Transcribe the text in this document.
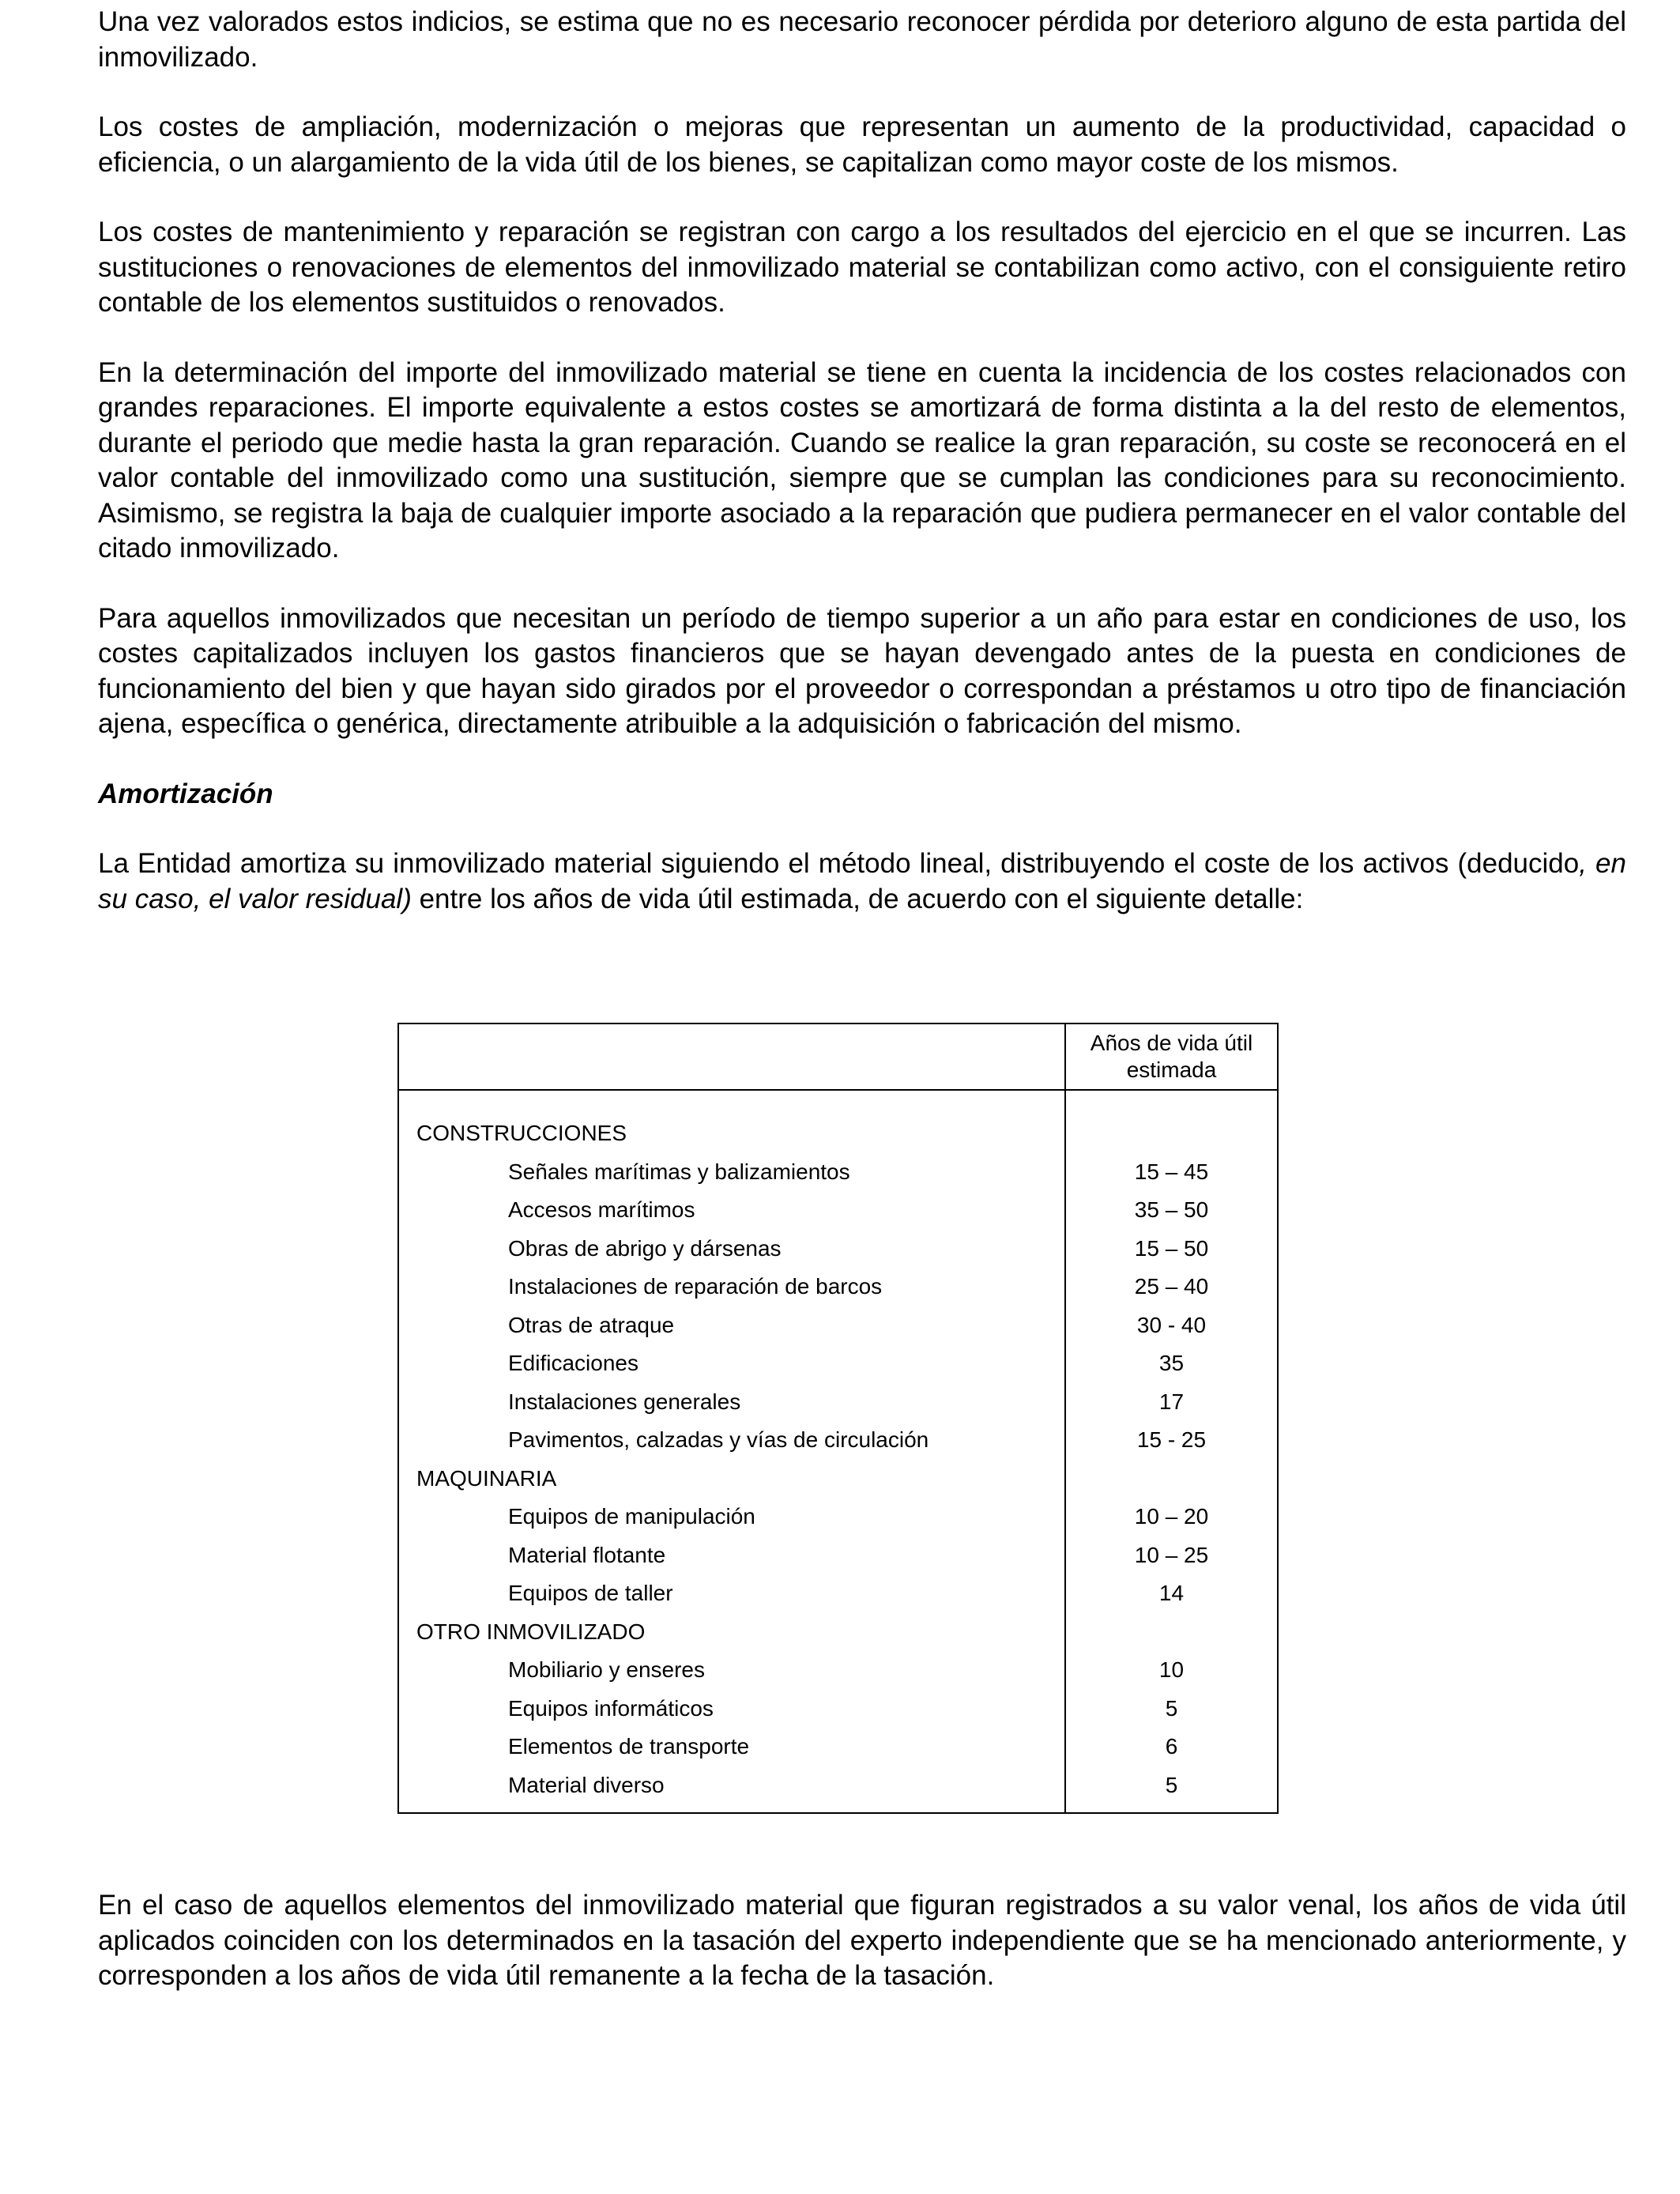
Una vez valorados estos indicios, se estima que no es necesario reconocer pérdida por deterioro alguno de esta partida del inmovilizado.

Los costes de ampliación, modernización o mejoras que representan un aumento de la productividad, capacidad o eficiencia, o un alargamiento de la vida útil de los bienes, se capitalizan como mayor coste de los mismos.

Los costes de mantenimiento y reparación se registran con cargo a los resultados del ejercicio en el que se incurren. Las sustituciones o renovaciones de elementos del inmovilizado material se contabilizan como activo, con el consiguiente retiro contable de los elementos sustituidos o renovados.

En la determinación del importe del inmovilizado material se tiene en cuenta la incidencia de los costes relacionados con grandes reparaciones. El importe equivalente a estos costes se amortizará de forma distinta a la del resto de elementos, durante el periodo que medie hasta la gran reparación. Cuando se realice la gran reparación, su coste se reconocerá en el valor contable del inmovilizado como una sustitución, siempre que se cumplan las condiciones para su reconocimiento. Asimismo, se registra la baja de cualquier importe asociado a la reparación que pudiera permanecer en el valor contable del citado inmovilizado.

Para aquellos inmovilizados que necesitan un período de tiempo superior a un año para estar en condiciones de uso, los costes capitalizados incluyen los gastos financieros que se hayan devengado antes de la puesta en condiciones de funcionamiento del bien y que hayan sido girados por el proveedor o correspondan a préstamos u otro tipo de financiación ajena, específica o genérica, directamente atribuible a la adquisición o fabricación del mismo.

Amortización

La Entidad amortiza su inmovilizado material siguiendo el método lineal, distribuyendo el coste de los activos (deducido, en su caso, el valor residual) entre los años de vida útil estimada, de acuerdo con el siguiente detalle:

	Años de vida útil
estimada

CONSTRUCCIONES	
Señales marítimas y balizamientos	15 – 45
Accesos marítimos	35 – 50
Obras de abrigo y dársenas	15 – 50
Instalaciones de reparación de barcos	25 – 40
Otras de atraque	30 - 40
Edificaciones	35
Instalaciones generales	17
Pavimentos, calzadas y vías de circulación	15 - 25
MAQUINARIA	
Equipos de manipulación	10 – 20
Material flotante	10 – 25
Equipos de taller	14
OTRO INMOVILIZADO	
Mobiliario y enseres	10
Equipos informáticos	5
Elementos de transporte	6
Material diverso	5

En el caso de aquellos elementos del inmovilizado material que figuran registrados a su valor venal, los años de vida útil aplicados coinciden con los determinados en la tasación del experto independiente que se ha mencionado anteriormente, y corresponden a los años de vida útil remanente a la fecha de la tasación.
